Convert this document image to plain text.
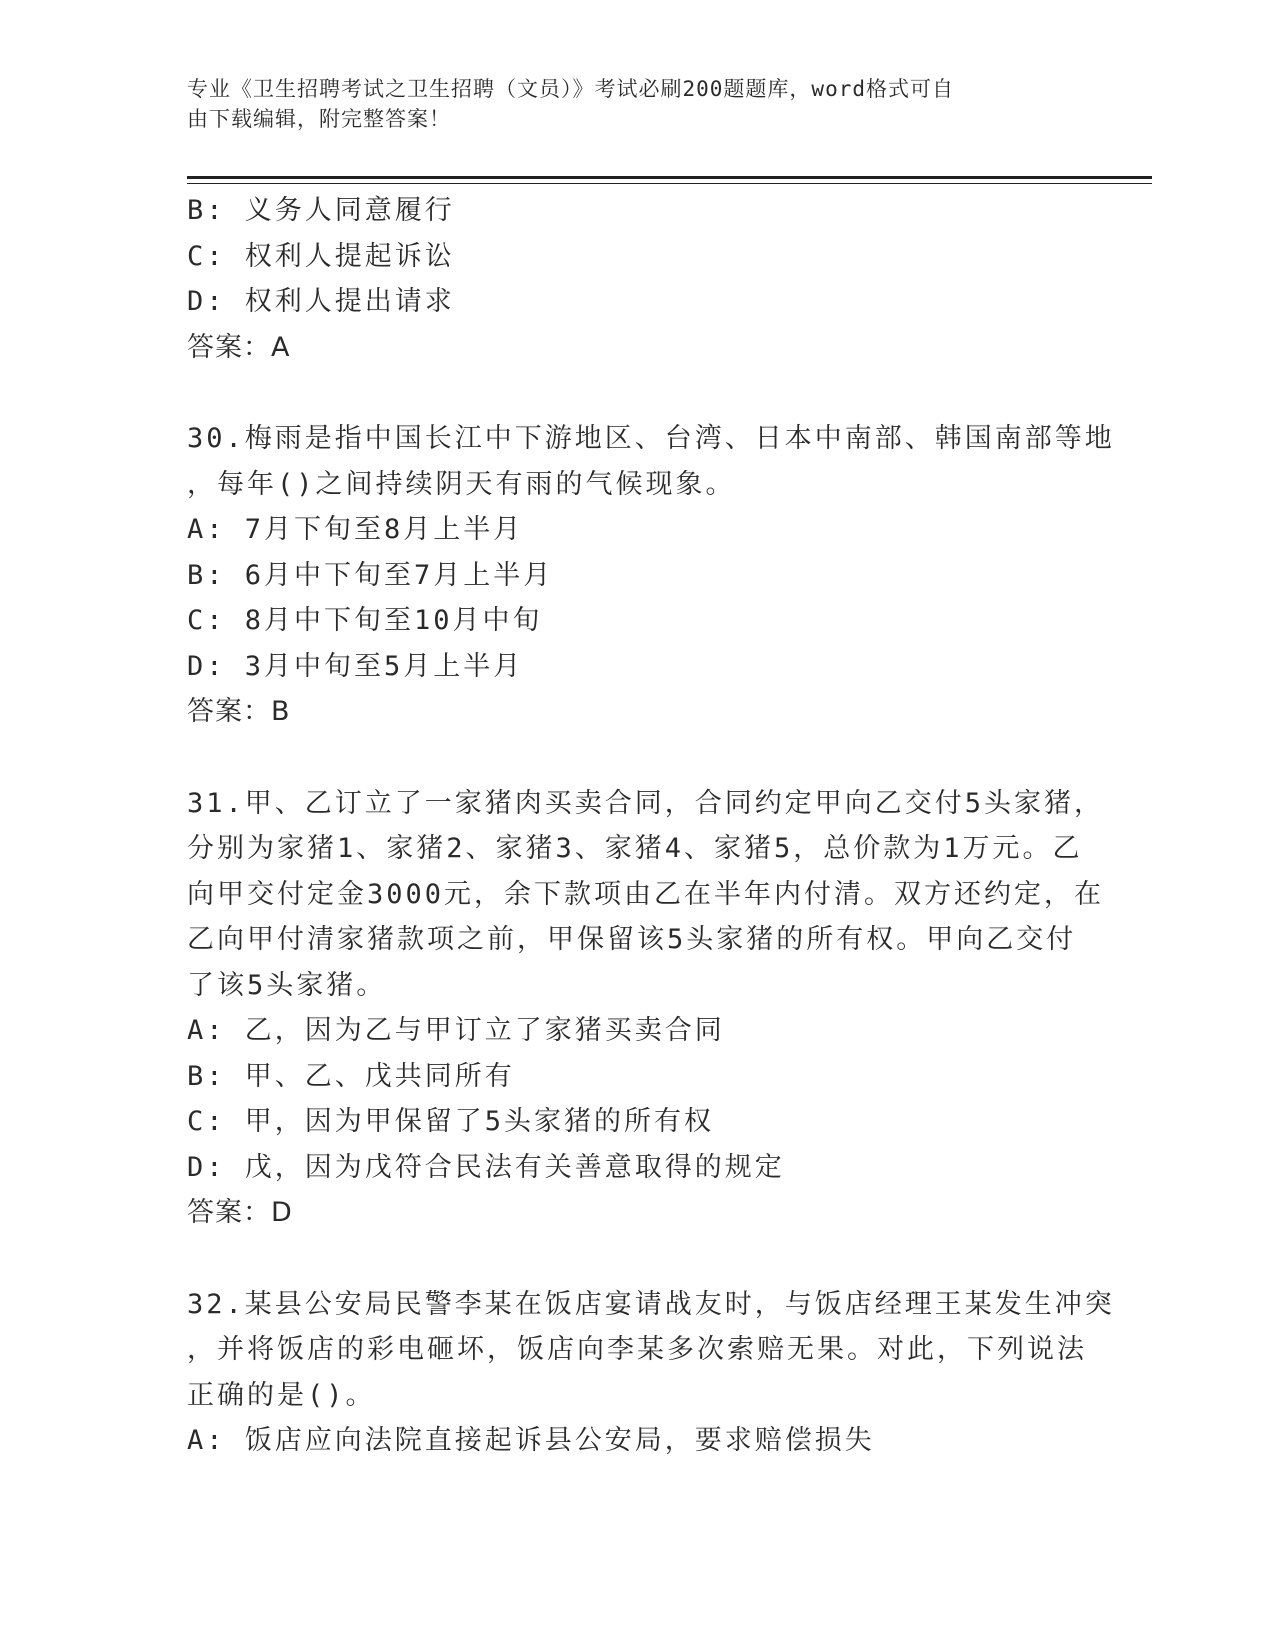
专业《卫生招聘考试之卫生招聘（文员）》考试必刷200题题库，word格式可自
由下载编辑，附完整答案！
B: 义务人同意履行
C: 权利人提起诉讼
D: 权利人提出请求
答案：A
30.梅雨是指中国长江中下游地区、台湾、日本中南部、韩国南部等地
，每年()之间持续阴天有雨的气候现象。
A: 7月下旬至8月上半月
B: 6月中下旬至7月上半月
C: 8月中下旬至10月中旬
D: 3月中旬至5月上半月
答案：B
31.甲、乙订立了一家猪肉买卖合同，合同约定甲向乙交付5头家猪，
分别为家猪1、家猪2、家猪3、家猪4、家猪5，总价款为1万元。乙
向甲交付定金3000元，余下款项由乙在半年内付清。双方还约定，在
乙向甲付清家猪款项之前，甲保留该5头家猪的所有权。甲向乙交付
了该5头家猪。
A: 乙，因为乙与甲订立了家猪买卖合同
B: 甲、乙、戊共同所有
C: 甲，因为甲保留了5头家猪的所有权
D: 戊，因为戊符合民法有关善意取得的规定
答案：D
32.某县公安局民警李某在饭店宴请战友时，与饭店经理王某发生冲突
，并将饭店的彩电砸坏，饭店向李某多次索赔无果。对此，下列说法
正确的是()。
A: 饭店应向法院直接起诉县公安局，要求赔偿损失
